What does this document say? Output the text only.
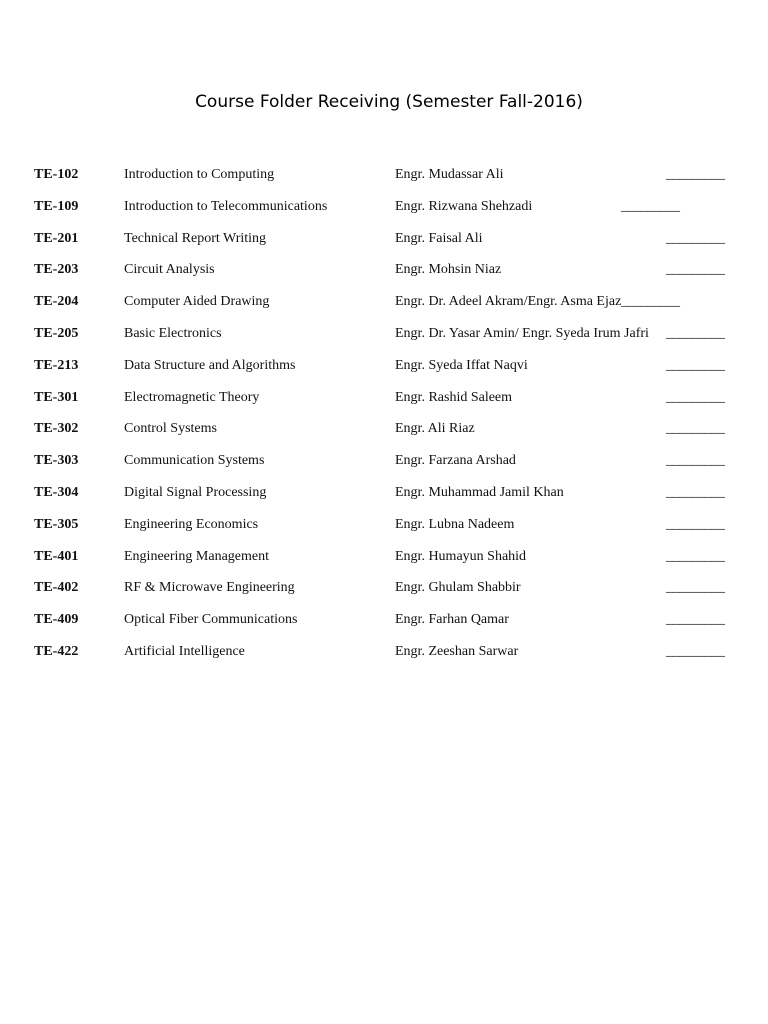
Course Folder Receiving (Semester Fall-2016)
TE-102	Introduction to Computing	Engr. Mudassar Ali	_________
TE-109	Introduction to Telecommunications	Engr. Rizwana Shehzadi	_________
TE-201	Technical Report Writing	Engr. Faisal Ali	_________
TE-203	Circuit Analysis	Engr. Mohsin Niaz	_________
TE-204	Computer Aided Drawing	Engr. Dr. Adeel Akram/Engr. Asma Ejaz _________
TE-205	Basic Electronics	Engr. Dr. Yasar Amin/ Engr. Syeda Irum Jafri _________
TE-213	Data Structure and Algorithms	Engr. Syeda Iffat Naqvi	_________
TE-301	Electromagnetic Theory	Engr. Rashid Saleem	_________
TE-302	Control Systems	Engr. Ali Riaz	_________
TE-303	Communication Systems	Engr. Farzana Arshad	_________
TE-304	Digital Signal Processing	Engr. Muhammad Jamil Khan	_________
TE-305	Engineering Economics	Engr. Lubna Nadeem	_________
TE-401	Engineering Management	Engr. Humayun Shahid	_________
TE-402	RF & Microwave Engineering	Engr. Ghulam Shabbir	_________
TE-409	Optical Fiber Communications	Engr. Farhan Qamar	_________
TE-422	Artificial Intelligence	Engr. Zeeshan Sarwar	_________
